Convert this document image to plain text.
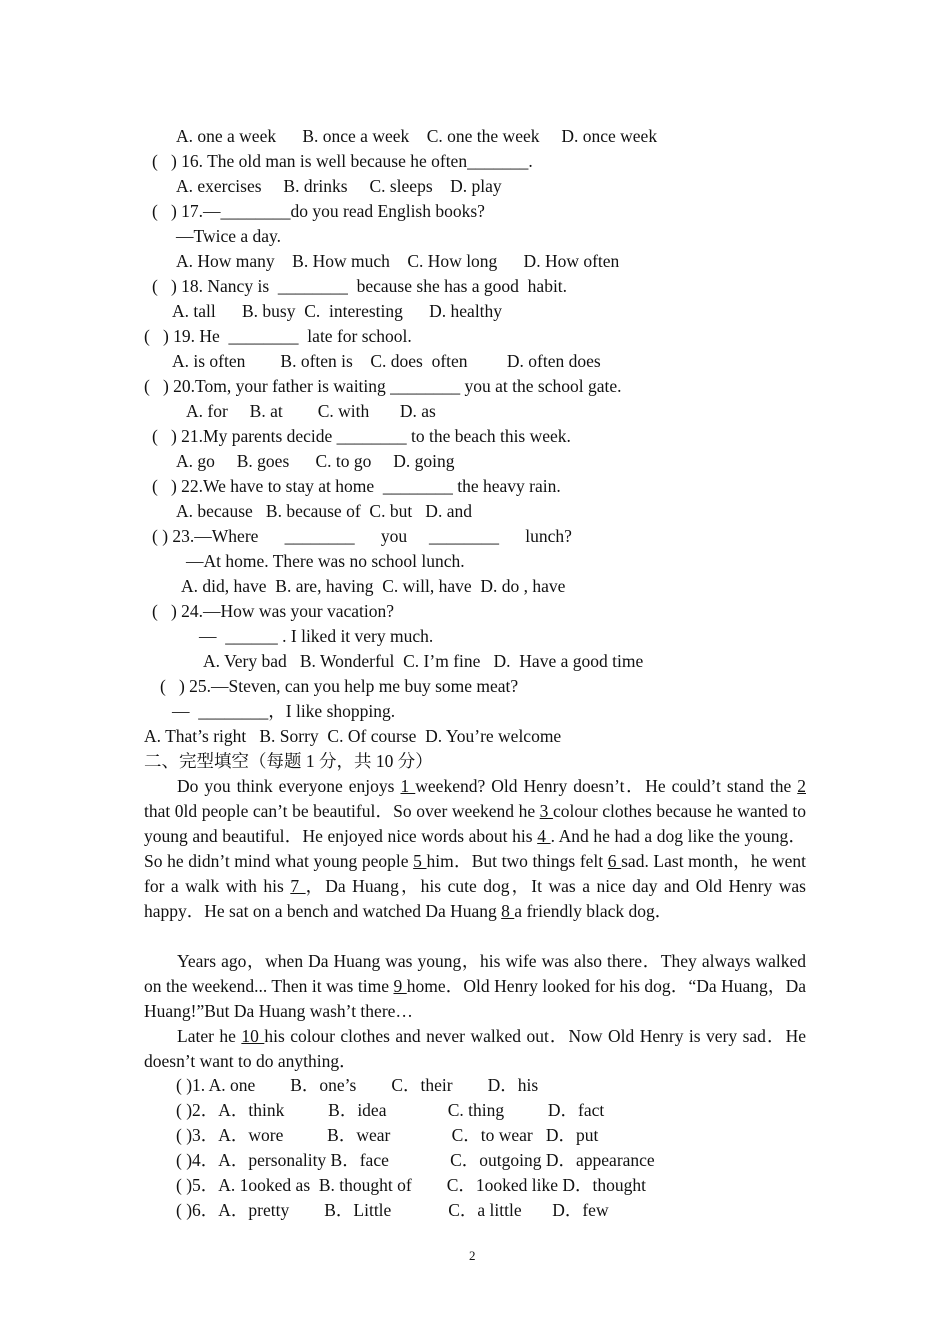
A. one a week      B. once a week    C. one the week     D. once week
(   ) 16. The old man is well because he often_______.
A. exercises     B. drinks     C. sleeps    D. play
(   ) 17.—________do you read English books?
—Twice a day.
A. How many    B. How much    C. How long      D. How often
(   ) 18. Nancy is  ________  because she has a good  habit.
A. tall      B. busy  C.  interesting      D. healthy
(   ) 19. He  ________  late for school.
A. is often        B. often is    C. does  often         D. often does
(   ) 20.Tom, your father is waiting ________ you at the school gate.
A. for     B. at        C. with       D. as
(   ) 21.My parents decide ________ to the beach this week.
A. go     B. goes      C. to go     D. going
(   ) 22.We have to stay at home  ________ the heavy rain.
A. because   B. because of  C. but   D. and
( ) 23.—Where      ________      you     ________      lunch?
—At home. There was no school lunch.
A. did, have  B. are, having  C. will, have  D. do , have
(   ) 24.—How was your vacation?
—  ______ . I liked it very much.
A. Very bad   B. Wonderful  C. I’m fine   D.  Have a good time
(   ) 25.—Steven, can you help me buy some meat?
—  ________，I like shopping.
A. That’s right   B. Sorry  C. Of course  D. You’re welcome
二、完型填空（每题 1 分，共 10 分）
Do you think everyone enjoys 1 weekend? Old Henry doesn’t．He could’t stand the 2 that 0ld people can’t be beautiful．So over weekend he 3 colour clothes because he wanted to young and beautiful．He enjoyed nice words about his 4 . And he had a dog like the young．So he didn’t mind what young people 5 him．But two things felt 6 sad. Last month，he went for a walk with his 7 ，Da Huang，his cute dog，It was a nice day and Old Henry was happy．He sat on a bench and watched Da Huang 8 a friendly black dog．
Years ago，when Da Huang was young，his wife was also there．They always walked on the weekend... Then it was time 9 home．Old Henry looked for his dog．“Da Huang，Da Huang!”But Da Huang wash’t there…
Later he 10 his colour clothes and never walked out．Now Old Henry is very sad．He doesn’t want to do anything．
( )1. A. one        B．one’s        C．their        D．his
( )2．A．think          B．idea              C. thing          D．fact
( )3．A．wore          B．wear              C．to wear   D．put
( )4．A．personality B．face              C．outgoing D．appearance
( )5．A. 1ooked as  B. thought of        C．1ooked like D．thought
( )6．A．pretty        B．Little             C．a little       D．few
2
